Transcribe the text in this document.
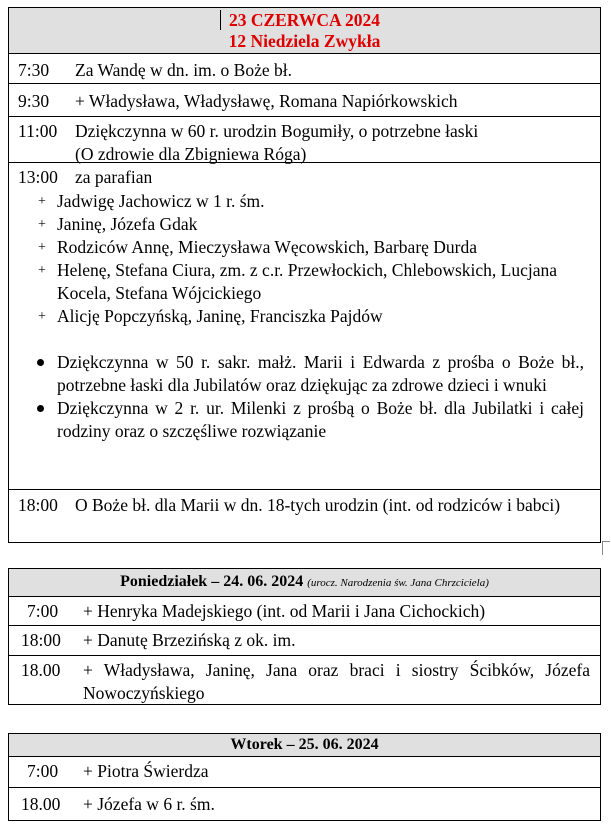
23 CZERWCA 2024
12 Niedziela Zwykła
7:30 Za Wandę w dn. im. o Boże bł.
9:30 + Władysława, Władysławę, Romana Napiórkowskich
11:00 Dziękczynna w 60 r. urodzin Bogumiły, o potrzebne łaski
(O zdrowie dla Zbigniewa Róga)
13:00 za parafian
+ Jadwigę Jachowicz w 1 r. śm.
+ Janinę, Józefa Gdak
+ Rodziców Annę, Mieczysława Węcowskich, Barbarę Durda
+ Helenę, Stefana Ciura, zm. z c.r. Przewłockich, Chlebowskich, Lucjana Kocela, Stefana Wójcickiego
+ Alicję Popczyńską, Janinę, Franciszka Pajdów
Dziękczynna w 50 r. sakr. małż. Marii i Edwarda z prośba o Boże bł., potrzebne łaski dla Jubilatów oraz dziękując za zdrowe dzieci i wnuki
Dziękczynna w 2 r. ur. Milenki z prośbą o Boże bł. dla Jubilatki i całej rodziny oraz o szczęśliwe rozwiązanie
18:00 O Boże bł. dla Marii w dn. 18-tych urodzin (int. od rodziców i babci)
Poniedziałek – 24. 06. 2024 (urocz. Narodzenia św. Jana Chrzciciela)
7:00 + Henryka Madejskiego (int. od Marii i Jana Cichockich)
18:00 + Danutę Brzezińską z ok. im.
18.00 + Władysława, Janinę, Jana oraz braci i siostry Ścibków, Józefa Nowoczyńskiego
Wtorek – 25. 06. 2024
7:00 + Piotra Świerdza
18.00 + Józefa w 6 r. śm.
